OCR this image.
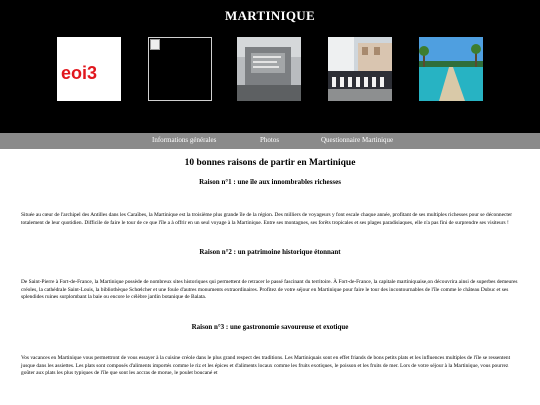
MARTINIQUE
eoi3
Informations générales	Photos	Questionnaire Martinique
10 bonnes raisons de partir en Martinique
Raison n°1 : une île aux innombrables richesses

Située au cœur de l'archipel des Antilles dans les Caraïbes, la Martinique est la troisième plus grande île de la région. Des milliers de voyageurs y font escale chaque année, profitant de ses multiples richesses pour se déconnecter totalement de leur quotidien. Difficile de faire le tour de ce que l'île a à offrir en un seul voyage à la Martinique. Entre ses montagnes, ses forêts tropicales et ses plages paradisiaques, elle n'a pas fini de surprendre ses visiteurs !

Raison n°2 : un patrimoine historique étonnant

De Saint-Pierre à Fort-de-France, la Martinique possède de nombreux sites historiques qui permettent de retracer le passé fascinant du territoire. À Fort-de-France, la capitale martiniquaise,on découvrira ainsi de superbes demeures créoles, la cathédrale Saint-Louis, la bibliothèque Schœlcher et une foule d'autres monuments extraordinaires. Profitez de votre séjour en Martinique pour faire le tour des incontournables de l'île comme le château Dubuc et ses splendides ruines surplombant la baie ou encore le célèbre jardin botanique de Balata.

Raison n°3 : une gastronomie savoureuse et exotique

Vos vacances en Martinique vous permettront de vous essayer à la cuisine créole dans le plus grand respect des traditions. Les Martiniquais sont en effet friands de bons petits plats et les influences multiples de l'île se ressentent jusque dans les assiettes. Les plats sont composés d'aliments importés comme le riz et les épices et d'aliments locaux comme les fruits exotiques, le poisson et les fruits de mer. Lors de votre séjour à la Martinique, vous pourrez goûter aux plats les plus typiques de l'île que sont les accras de morue, le poulet boucané et
